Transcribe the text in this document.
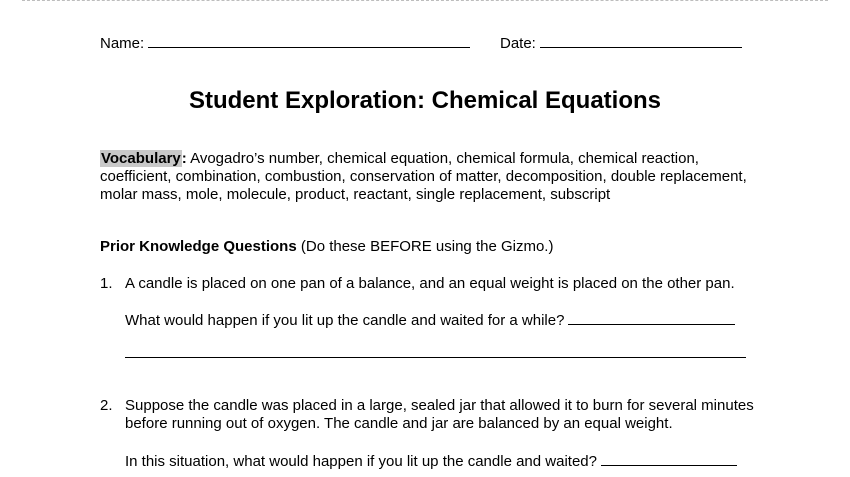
Name:	Date:
Student Exploration: Chemical Equations
Vocabulary: Avogadro’s number, chemical equation, chemical formula, chemical reaction, coefficient, combination, combustion, conservation of matter, decomposition, double replacement, molar mass, mole, molecule, product, reactant, single replacement, subscript
Prior Knowledge Questions (Do these BEFORE using the Gizmo.)
1. A candle is placed on one pan of a balance, and an equal weight is placed on the other pan.
What would happen if you lit up the candle and waited for a while?
2. Suppose the candle was placed in a large, sealed jar that allowed it to burn for several minutes before running out of oxygen. The candle and jar are balanced by an equal weight.
In this situation, what would happen if you lit up the candle and waited?
